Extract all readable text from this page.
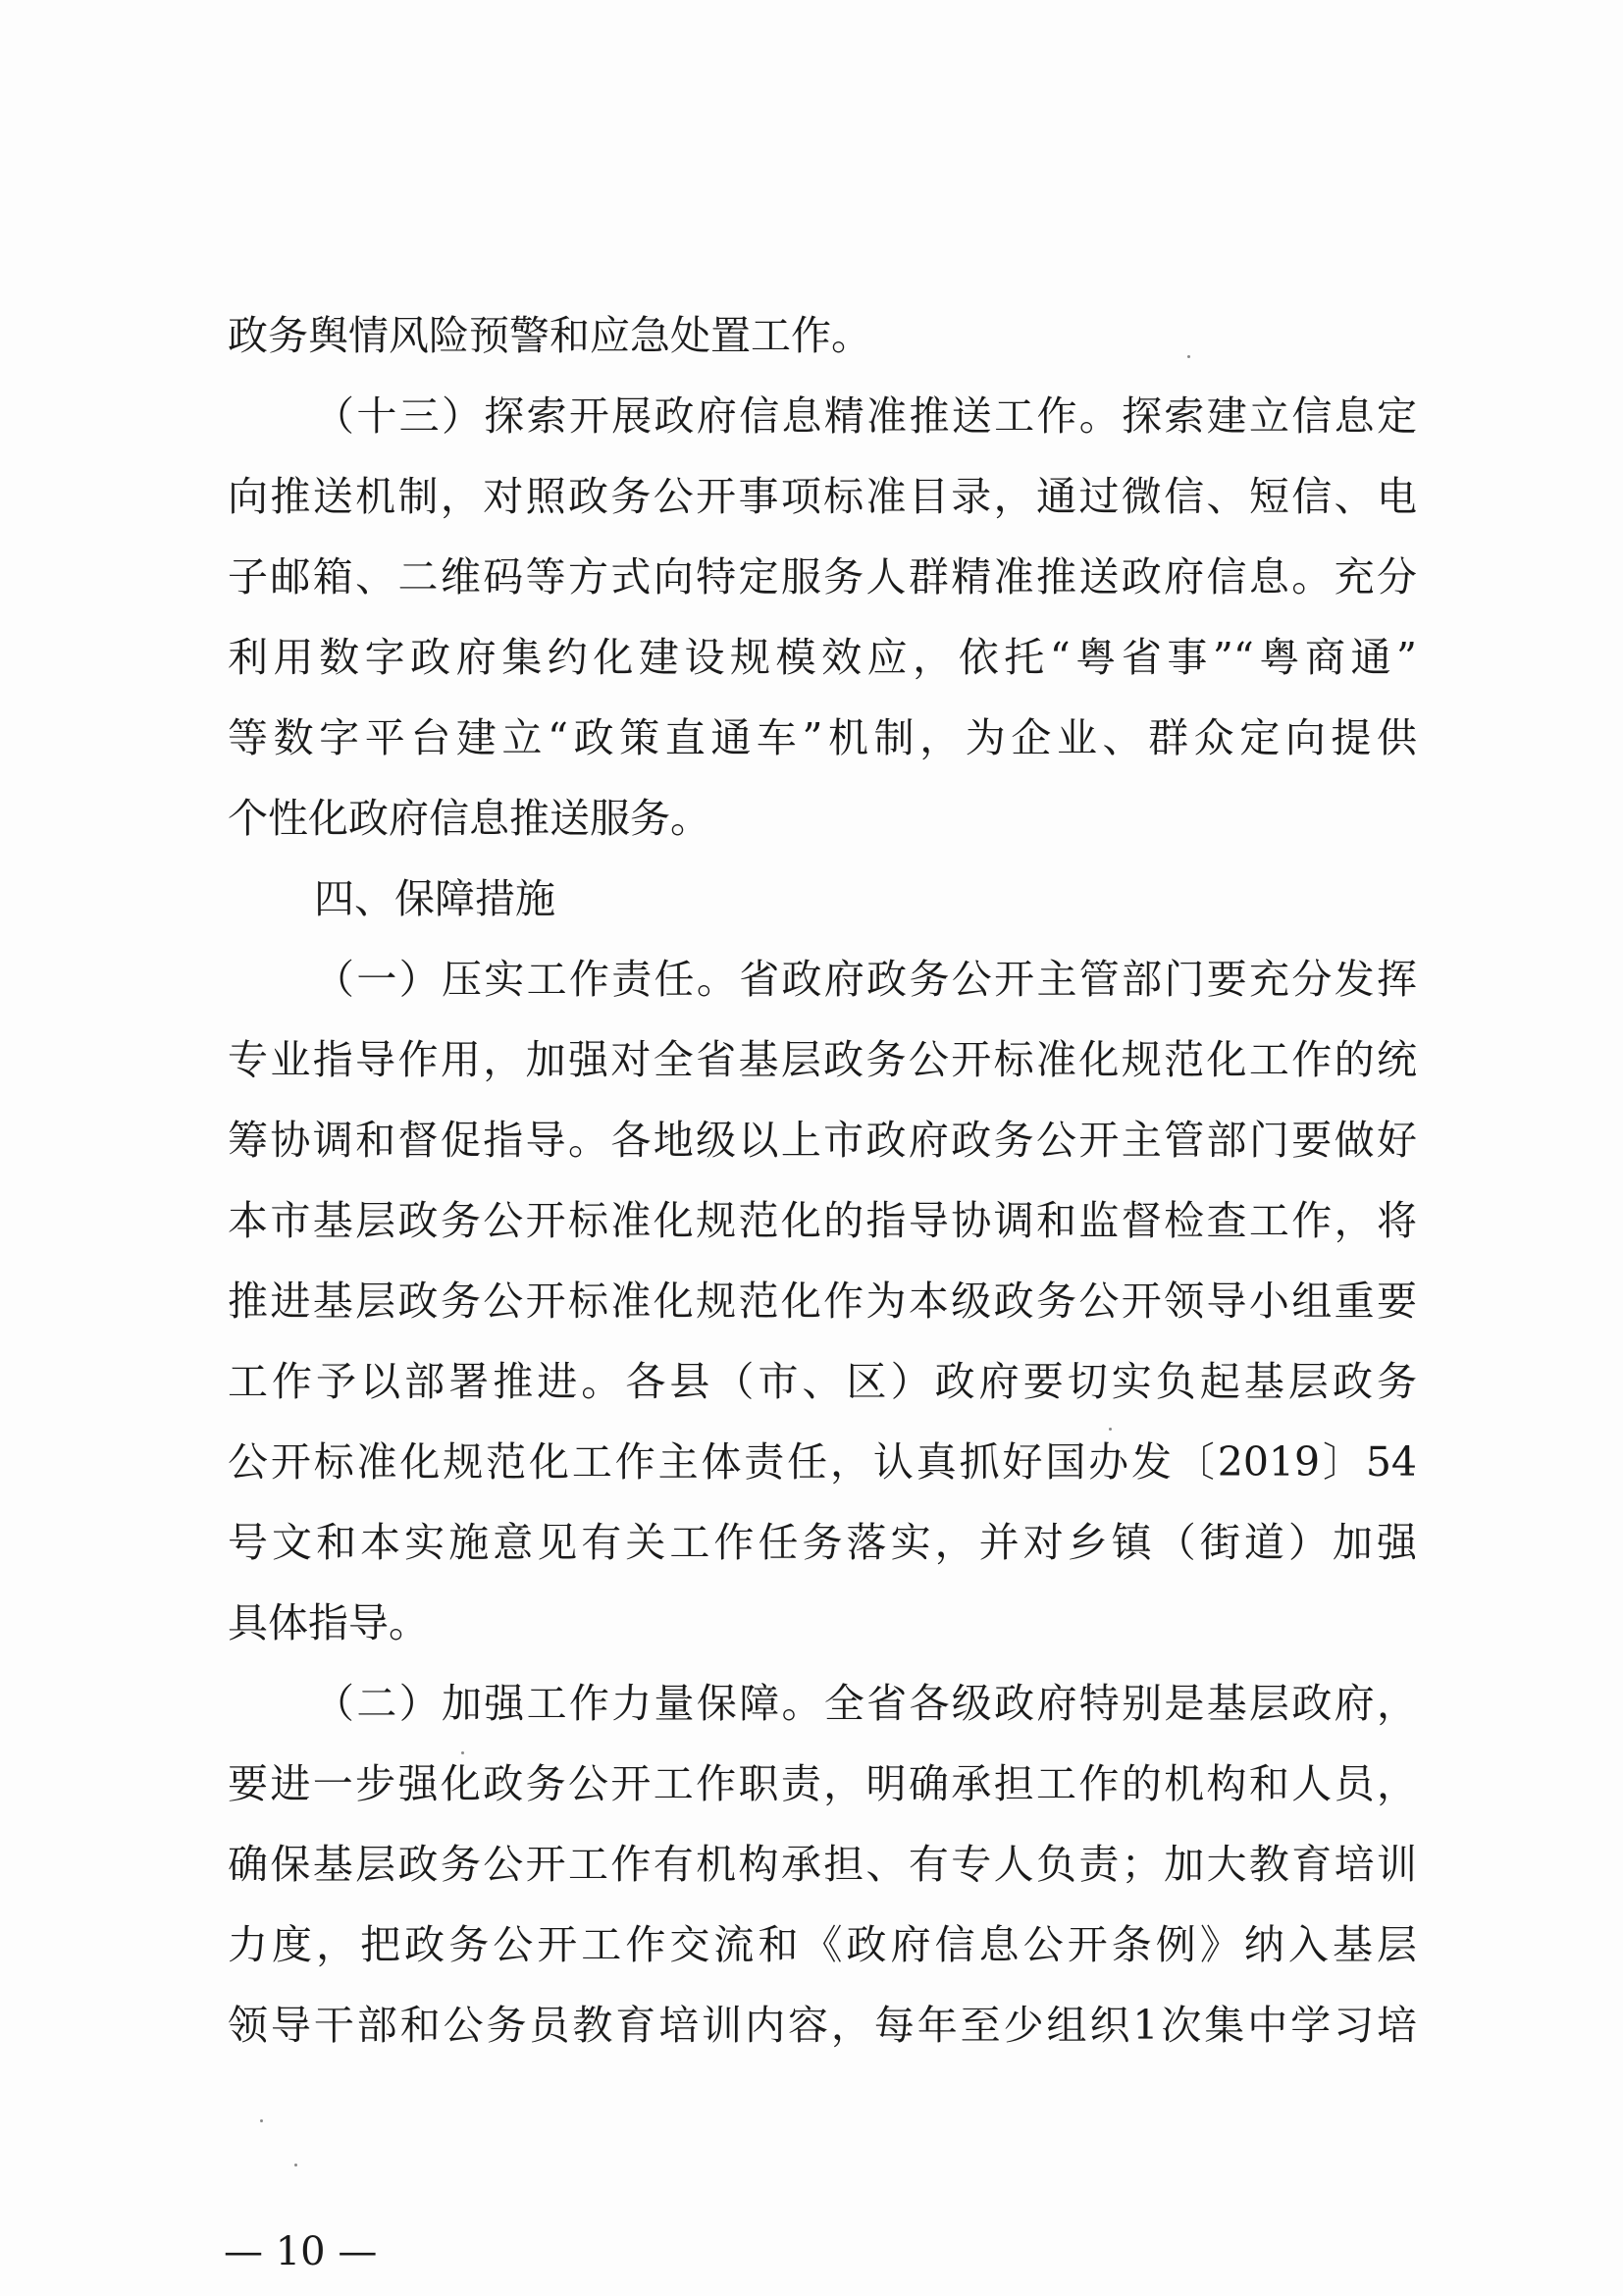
政务舆情风险预警和应急处置工作。
（十三）探索开展政府信息精准推送工作。探索建立信息定
向推送机制，对照政务公开事项标准目录，通过微信、短信、电
子邮箱、二维码等方式向特定服务人群精准推送政府信息。充分
利用数字政府集约化建设规模效应，依托“粤省事”“粤商通”
等数字平台建立“政策直通车”机制，为企业、群众定向提供
个性化政府信息推送服务。
四、保障措施
（一）压实工作责任。省政府政务公开主管部门要充分发挥
专业指导作用，加强对全省基层政务公开标准化规范化工作的统
筹协调和督促指导。各地级以上市政府政务公开主管部门要做好
本市基层政务公开标准化规范化的指导协调和监督检查工作，将
推进基层政务公开标准化规范化作为本级政务公开领导小组重要
工作予以部署推进。各县（市、区）政府要切实负起基层政务
公开标准化规范化工作主体责任，认真抓好国办发〔2019〕54
号文和本实施意见有关工作任务落实，并对乡镇（街道）加强
具体指导。
（二）加强工作力量保障。全省各级政府特别是基层政府，
要进一步强化政务公开工作职责，明确承担工作的机构和人员，
确保基层政务公开工作有机构承担、有专人负责；加大教育培训
力度，把政务公开工作交流和《政府信息公开条例》纳入基层
领导干部和公务员教育培训内容，每年至少组织1次集中学习培
— 10 —
